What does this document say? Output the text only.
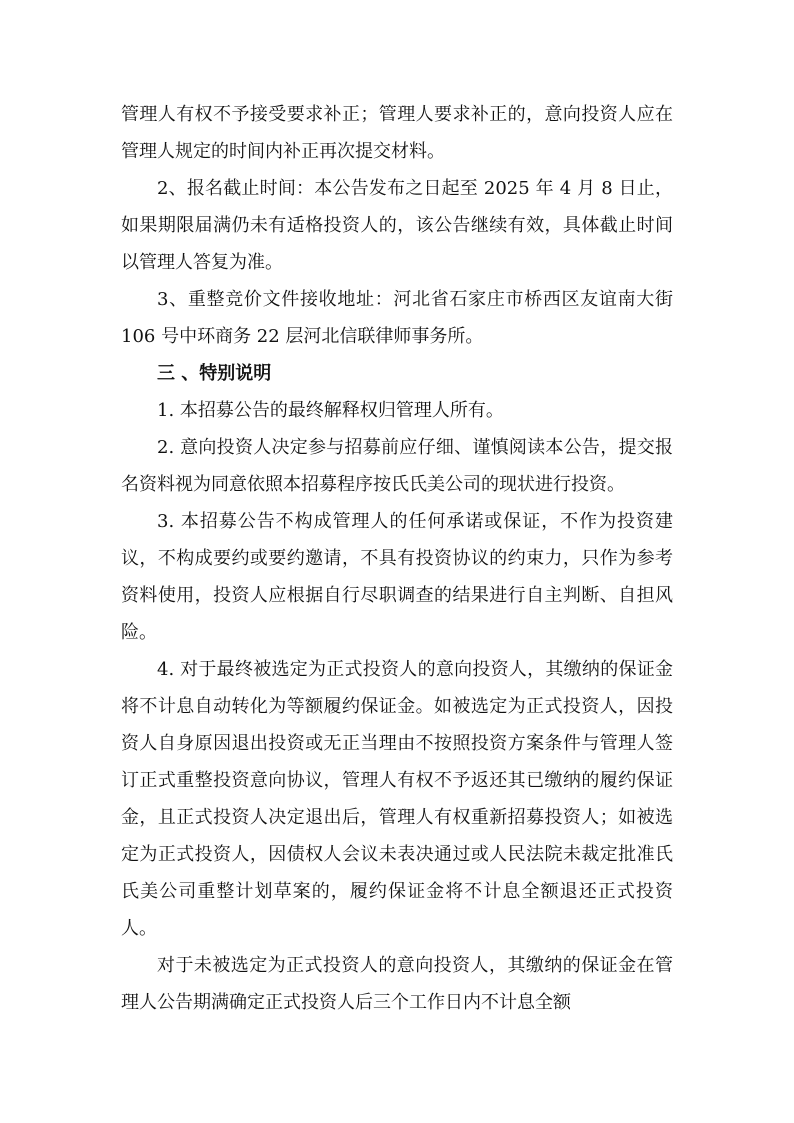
管理人有权不予接受要求补正；管理人要求补正的，意向投资人应在管理人规定的时间内补正再次提交材料。

2、报名截止时间：本公告发布之日起至 2025 年 4 月 8 日止，如果期限届满仍未有适格投资人的，该公告继续有效，具体截止时间以管理人答复为准。

3、重整竞价文件接收地址：河北省石家庄市桥西区友谊南大街 106 号中环商务 22 层河北信联律师事务所。

三 、特别说明

1. 本招募公告的最终解释权归管理人所有。

2. 意向投资人决定参与招募前应仔细、谨慎阅读本公告，提交报名资料视为同意依照本招募程序按氏氏美公司的现状进行投资。

3. 本招募公告不构成管理人的任何承诺或保证，不作为投资建议，不构成要约或要约邀请，不具有投资协议的约束力，只作为参考资料使用，投资人应根据自行尽职调查的结果进行自主判断、自担风险。

4. 对于最终被选定为正式投资人的意向投资人，其缴纳的保证金将不计息自动转化为等额履约保证金。如被选定为正式投资人，因投资人自身原因退出投资或无正当理由不按照投资方案条件与管理人签订正式重整投资意向协议，管理人有权不予返还其已缴纳的履约保证金，且正式投资人决定退出后，管理人有权重新招募投资人；如被选定为正式投资人，因债权人会议未表决通过或人民法院未裁定批准氏氏美公司重整计划草案的，履约保证金将不计息全额退还正式投资人。

对于未被选定为正式投资人的意向投资人，其缴纳的保证金在管理人公告期满确定正式投资人后三个工作日内不计息全额
